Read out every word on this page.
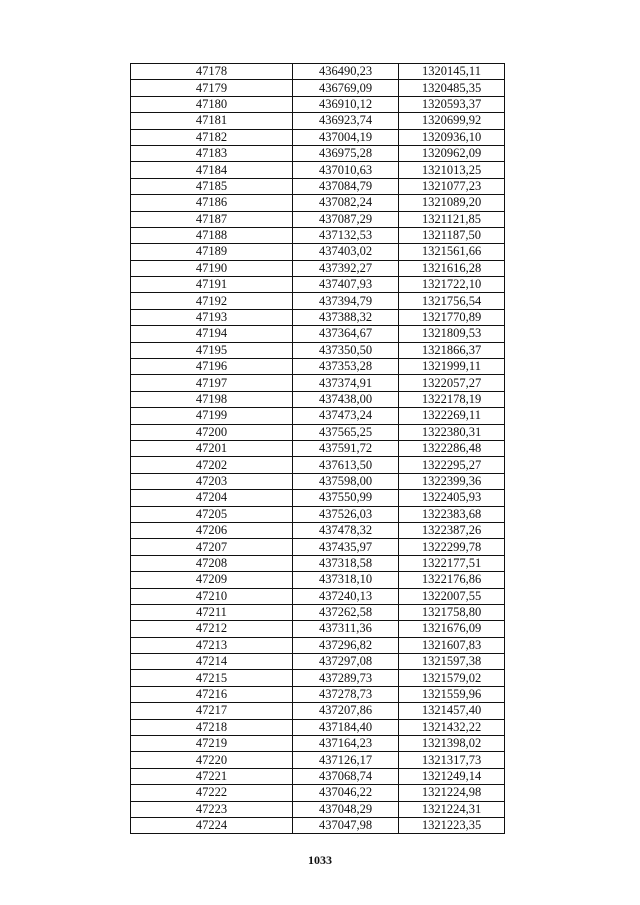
47178	436490,23	1320145,11
47179	436769,09	1320485,35
47180	436910,12	1320593,37
47181	436923,74	1320699,92
47182	437004,19	1320936,10
47183	436975,28	1320962,09
47184	437010,63	1321013,25
47185	437084,79	1321077,23
47186	437082,24	1321089,20
47187	437087,29	1321121,85
47188	437132,53	1321187,50
47189	437403,02	1321561,66
47190	437392,27	1321616,28
47191	437407,93	1321722,10
47192	437394,79	1321756,54
47193	437388,32	1321770,89
47194	437364,67	1321809,53
47195	437350,50	1321866,37
47196	437353,28	1321999,11
47197	437374,91	1322057,27
47198	437438,00	1322178,19
47199	437473,24	1322269,11
47200	437565,25	1322380,31
47201	437591,72	1322286,48
47202	437613,50	1322295,27
47203	437598,00	1322399,36
47204	437550,99	1322405,93
47205	437526,03	1322383,68
47206	437478,32	1322387,26
47207	437435,97	1322299,78
47208	437318,58	1322177,51
47209	437318,10	1322176,86
47210	437240,13	1322007,55
47211	437262,58	1321758,80
47212	437311,36	1321676,09
47213	437296,82	1321607,83
47214	437297,08	1321597,38
47215	437289,73	1321579,02
47216	437278,73	1321559,96
47217	437207,86	1321457,40
47218	437184,40	1321432,22
47219	437164,23	1321398,02
47220	437126,17	1321317,73
47221	437068,74	1321249,14
47222	437046,22	1321224,98
47223	437048,29	1321224,31
47224	437047,98	1321223,35
1033
